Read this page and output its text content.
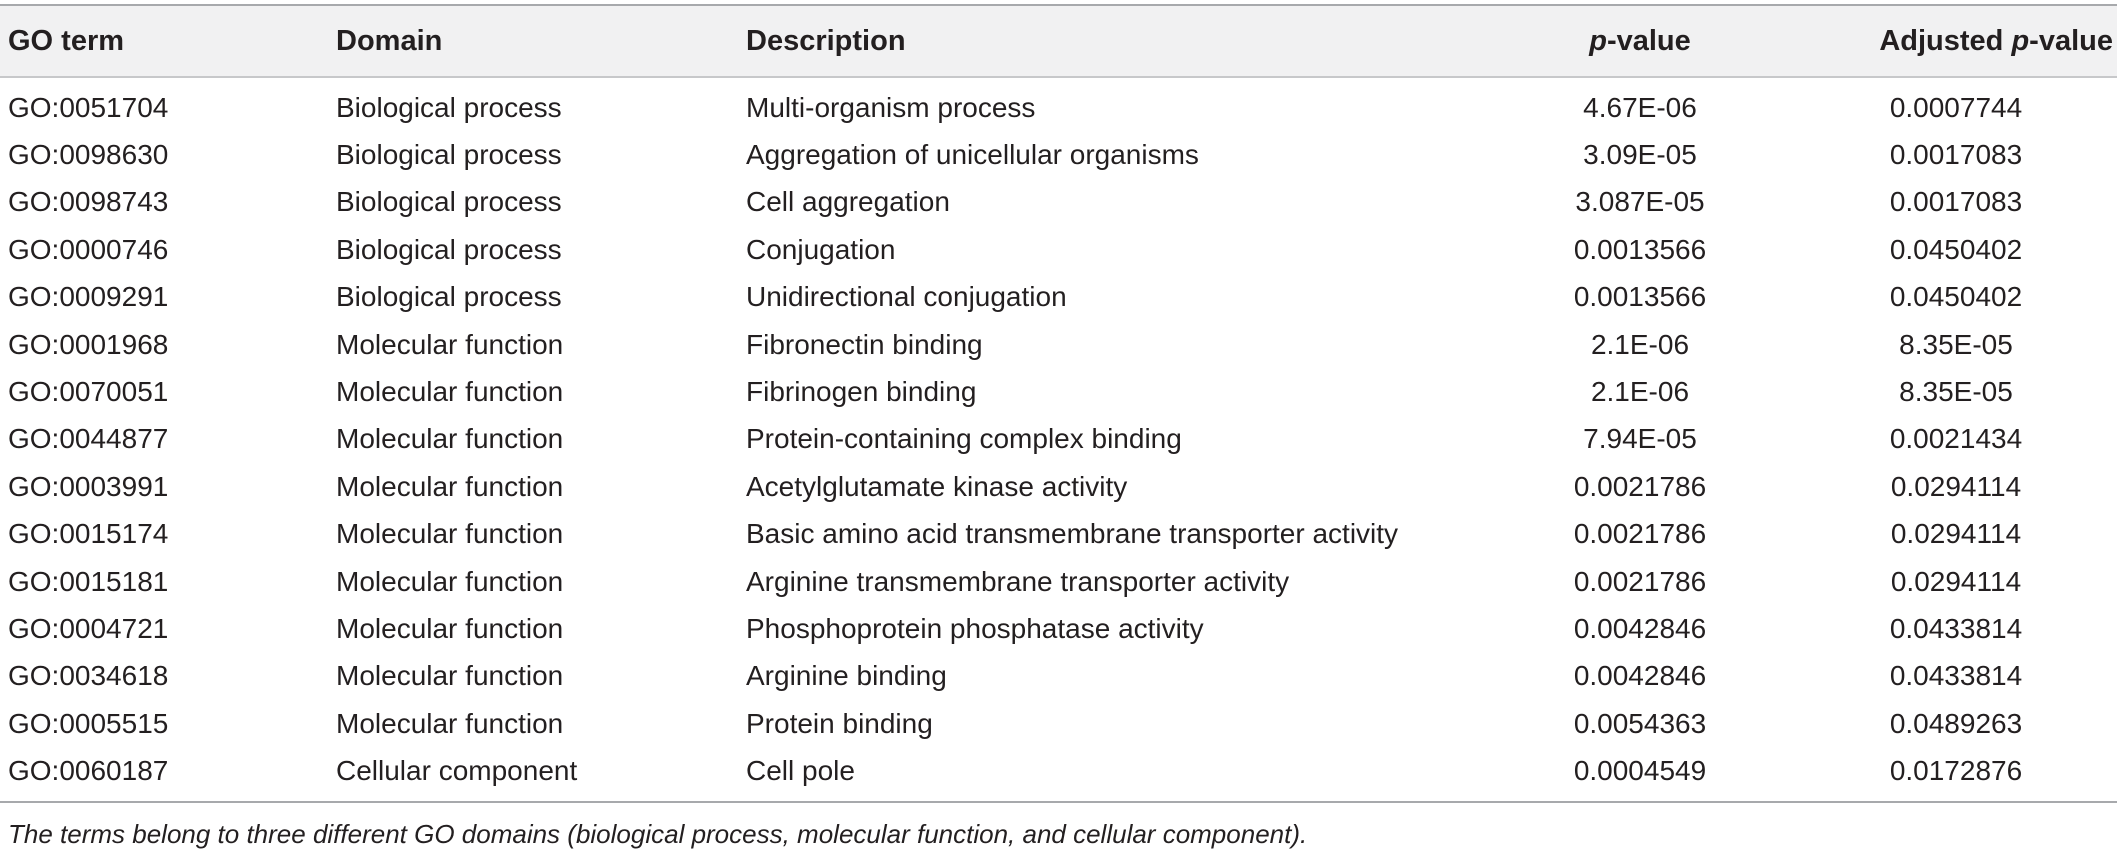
GO term	Domain	Description	p-value	Adjusted p-value
GO:0051704	Biological process	Multi-organism process	4.67E-06	0.0007744
GO:0098630	Biological process	Aggregation of unicellular organisms	3.09E-05	0.0017083
GO:0098743	Biological process	Cell aggregation	3.087E-05	0.0017083
GO:0000746	Biological process	Conjugation	0.0013566	0.0450402
GO:0009291	Biological process	Unidirectional conjugation	0.0013566	0.0450402
GO:0001968	Molecular function	Fibronectin binding	2.1E-06	8.35E-05
GO:0070051	Molecular function	Fibrinogen binding	2.1E-06	8.35E-05
GO:0044877	Molecular function	Protein-containing complex binding	7.94E-05	0.0021434
GO:0003991	Molecular function	Acetylglutamate kinase activity	0.0021786	0.0294114
GO:0015174	Molecular function	Basic amino acid transmembrane transporter activity	0.0021786	0.0294114
GO:0015181	Molecular function	Arginine transmembrane transporter activity	0.0021786	0.0294114
GO:0004721	Molecular function	Phosphoprotein phosphatase activity	0.0042846	0.0433814
GO:0034618	Molecular function	Arginine binding	0.0042846	0.0433814
GO:0005515	Molecular function	Protein binding	0.0054363	0.0489263
GO:0060187	Cellular component	Cell pole	0.0004549	0.0172876
The terms belong to three different GO domains (biological process, molecular function, and cellular component).
